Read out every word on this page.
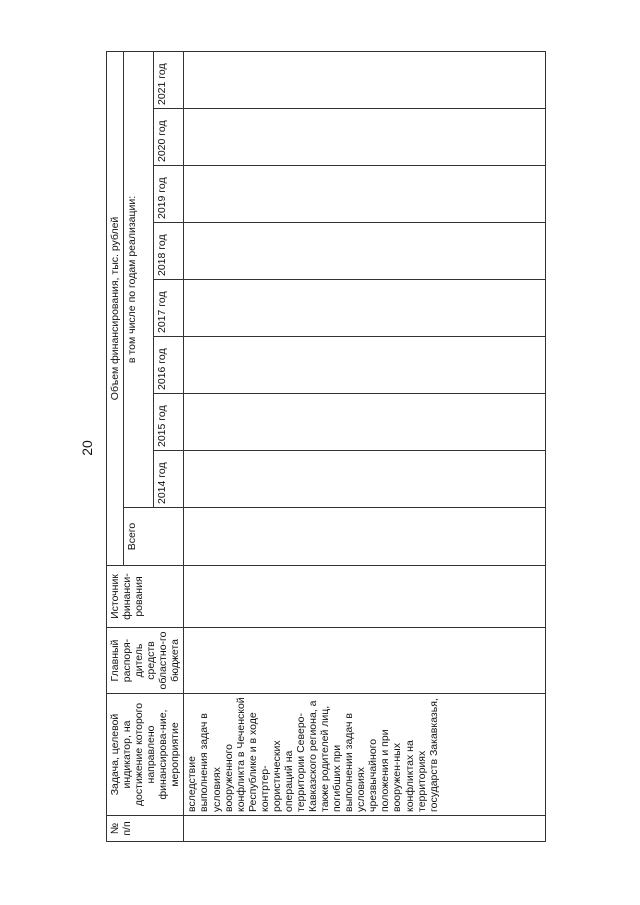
20
№ п/п	Задача, целевой индикатор, на достижение которого направлено финансирова-ние, мероприятие	Главный распоря-дитель средств областно-го бюджета	Источник финанси-рования	Объем финансирования, тыс. рублей								
				Всего	в том числе по годам реализации:							
					2014 год	2015 год	2016 год	2017 год	2018 год	2019 год	2020 год	2021 год
	вследствие выполнения задач в условиях вооруженного конфликта в Чеченской Республике и в ходе контртер-рористических операций на территории Северо-Кавказского региона, а также родителей лиц, погибших при выполнении задач в условиях чрезвычайного положения и при вооружен-ных конфликтах на территориях государств Закавказья,											
